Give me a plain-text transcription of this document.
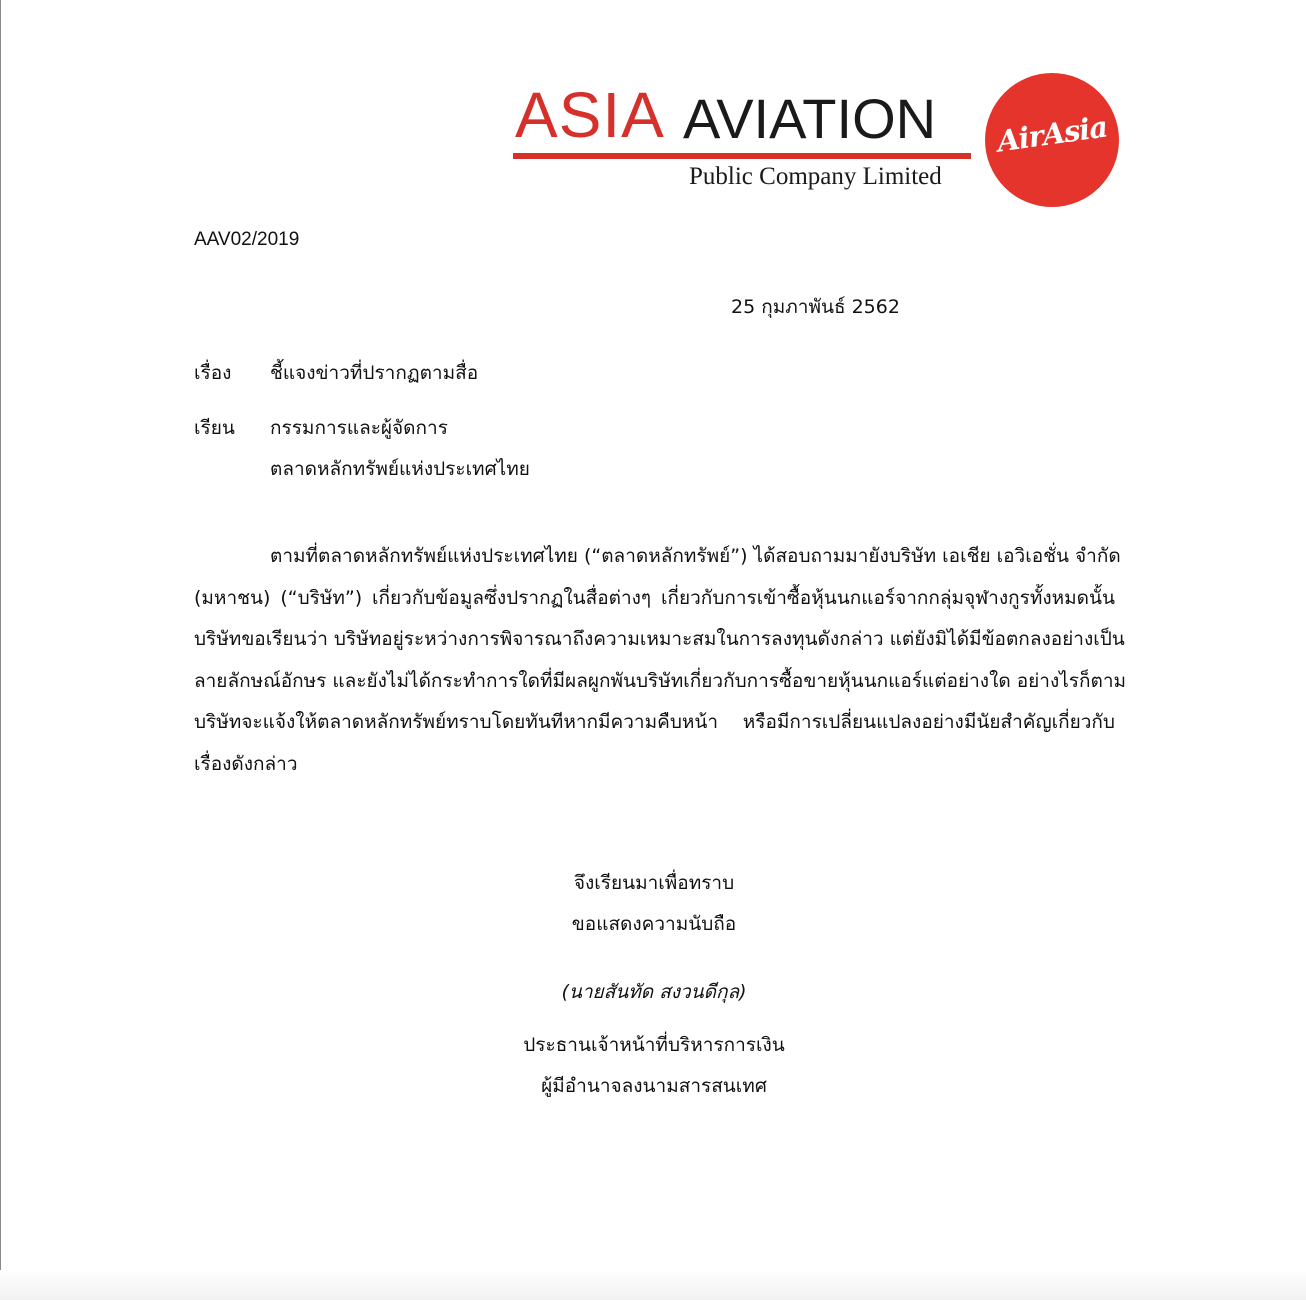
ASIA AVIATION
Public Company Limited
AirAsia
AAV02/2019
25 กุมภาพันธ์ 2562
เรื่อง ชี้แจงข่าวที่ปรากฏตามสื่อ
เรียน กรรมการและผู้จัดการ
ตลาดหลักทรัพย์แห่งประเทศไทย
ตามที่ตลาดหลักทรัพย์แห่งประเทศไทย (“ตลาดหลักทรัพย์”) ได้สอบถามมายังบริษัท เอเชีย เอวิเอชั่น จำกัด
(มหาชน) (“บริษัท”) เกี่ยวกับข้อมูลซึ่งปรากฏในสื่อต่างๆ เกี่ยวกับการเข้าซื้อหุ้นนกแอร์จากกลุ่มจุฬางกูรทั้งหมดนั้น
บริษัทขอเรียนว่า บริษัทอยู่ระหว่างการพิจารณาถึงความเหมาะสมในการลงทุนดังกล่าว แต่ยังมิได้มีข้อตกลงอย่างเป็น
ลายลักษณ์อักษร และยังไม่ได้กระทำการใดที่มีผลผูกพันบริษัทเกี่ยวกับการซื้อขายหุ้นนกแอร์แต่อย่างใด อย่างไรก็ตาม
บริษัทจะแจ้งให้ตลาดหลักทรัพย์ทราบโดยทันทีหากมีความคืบหน้า หรือมีการเปลี่ยนแปลงอย่างมีนัยสำคัญเกี่ยวกับ
เรื่องดังกล่าว
จึงเรียนมาเพื่อทราบ
ขอแสดงความนับถือ
(นายสันทัด สงวนดีกุล)
ประธานเจ้าหน้าที่บริหารการเงิน
ผู้มีอำนาจลงนามสารสนเทศ
